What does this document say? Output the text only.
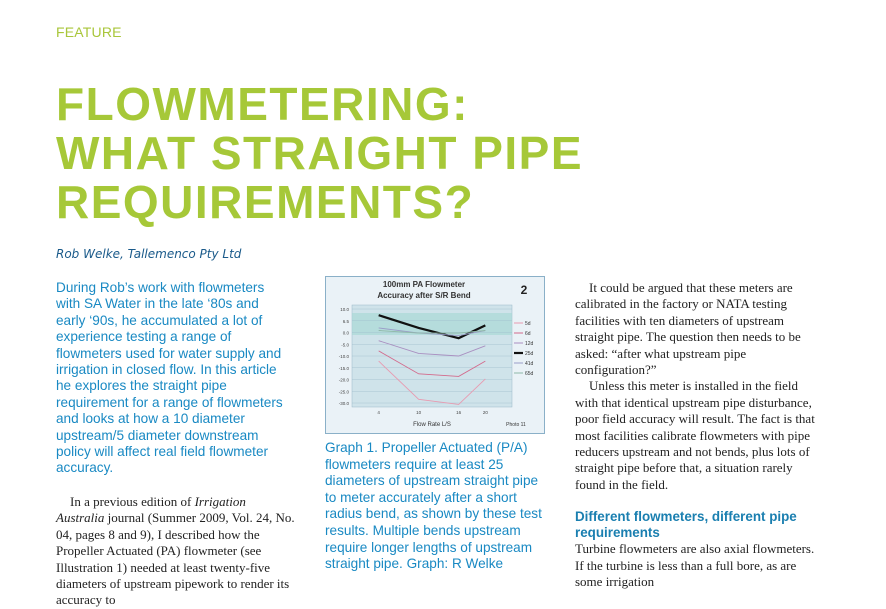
FEATURE
FLOWMETERING:
WHAT STRAIGHT PIPE
REQUIREMENTS?
Rob Welke, Tallemenco Pty Ltd

During Rob’s work with flowmeters with SA Water in the late ‘80s and early ‘90s, he accumulated a lot of experience testing a range of flowmeters used for water supply and irrigation in closed flow. In this article he explores the straight pipe requirement for a range of flowmeters and looks at how a 10 diameter upstream/5 diameter downstream policy will affect real field flowmeter accuracy.

In a previous edition of Irrigation Australia journal (Summer 2009, Vol. 24, No. 04, pages 8 and 9), I described how the Propeller Actuated (PA) flowmeter (see Illustration 1) needed at least twenty-five diameters of upstream pipework to render its accuracy to

100mm PA Flowmeter
Accuracy after S/R Bend	2
10.0
6.5
0.0
-5.0
-10.0
-15.0
-20.0
-25.0
-30.0
4	10	16	20
5d
6d
12d
25d
41d
65d
Flow Rate L/S	Photo 11

Graph 1. Propeller Actuated (P/A) flowmeters require at least 25 diameters of upstream straight pipe to meter accurately after a short radius bend, as shown by these test results. Multiple bends upstream require longer lengths of upstream straight pipe. Graph: R Welke

It could be argued that these meters are calibrated in the factory or NATA testing facilities with ten diameters of upstream straight pipe. The question then needs to be asked: “after what upstream pipe configuration?”

Unless this meter is installed in the field with that identical upstream pipe disturbance, poor field accuracy will result. The fact is that most facilities calibrate flowmeters with pipe reducers upstream and not bends, plus lots of straight pipe before that, a situation rarely found in the field.

Different flowmeters, different pipe requirements

Turbine flowmeters are also axial flowmeters. If the turbine is less than a full bore, as are some irrigation
